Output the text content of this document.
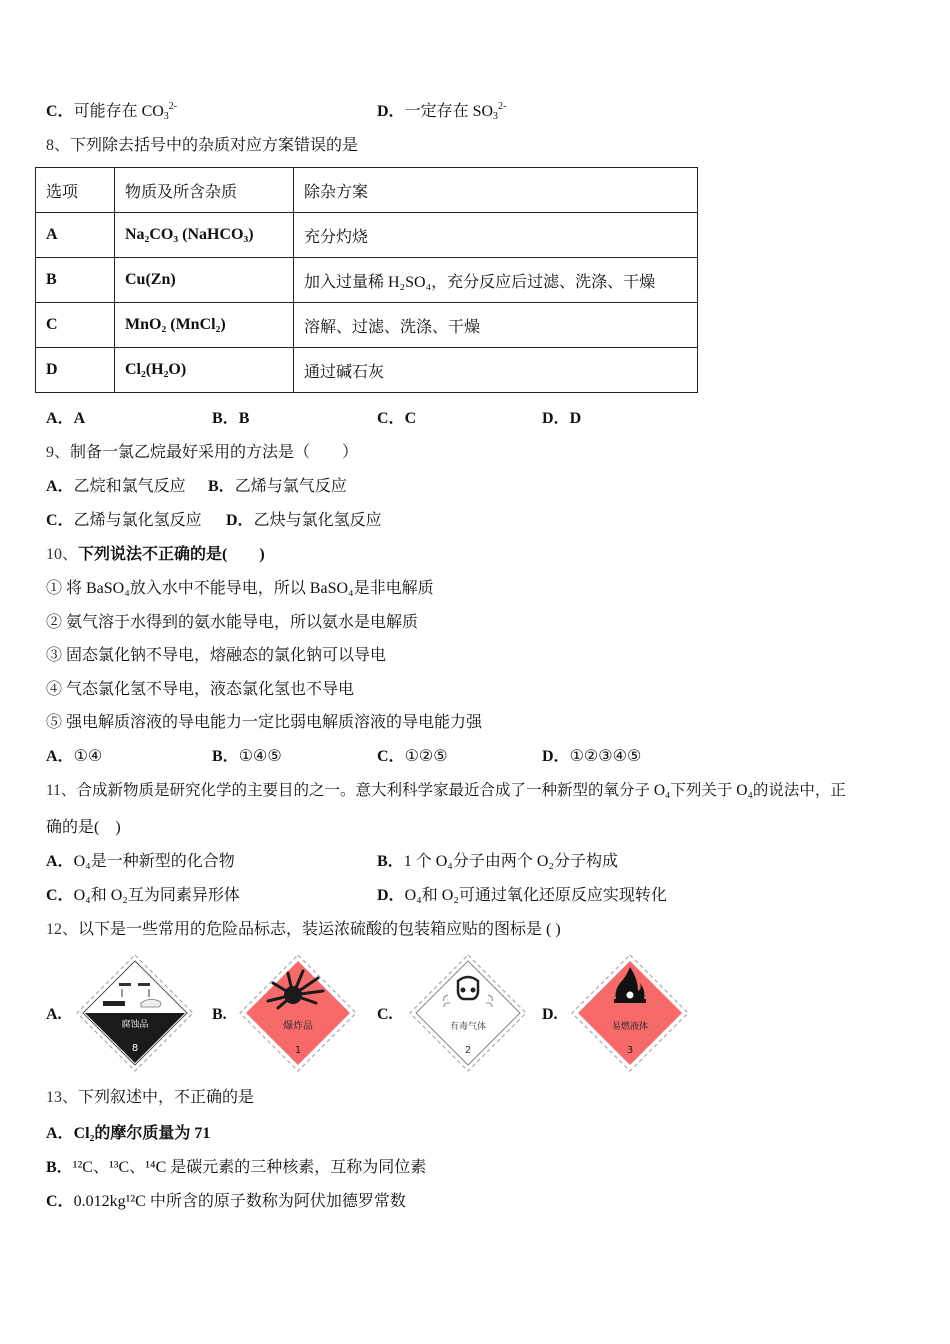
C．可能存在 $CO_3^{2-}$	D．一定存在 $SO_3^{2-}$
8、下列除去括号中的杂质对应方案错误的是
选项	物质及所含杂质	除杂方案
A	Na₂CO₃ (NaHCO₃)	充分灼烧
B	Cu(Zn)	加入过量稀 H₂SO₄，充分反应后过滤、洗涤、干燥
C	MnO₂ (MnCl₂)	溶解、过滤、洗涤、干燥
D	Cl₂(H₂O)	通过碱石灰
A．A	B．B	C．C	D．D
9、制备一氯乙烷最好采用的方法是（　　）
A．乙烷和氯气反应 B．乙烯与氯气反应
C．乙烯与氯化氢反应 D．乙炔与氯化氢反应
10、下列说法不正确的是(　　)
① 将 BaSO₄放入水中不能导电，所以 BaSO₄是非电解质
② 氨气溶于水得到的氨水能导电，所以氨水是电解质
③ 固态氯化钠不导电，熔融态的氯化钠可以导电
④ 气态氯化氢不导电，液态氯化氢也不导电
⑤ 强电解质溶液的导电能力一定比弱电解质溶液的导电能力强
A．①④	B．①④⑤	C．①②⑤	D．①②③④⑤
11、合成新物质是研究化学的主要目的之一。意大利科学家最近合成了一种新型的氧分子 O₄下列关于 O₄的说法中，正
确的是(　)
A．O₄是一种新型的化合物	B．1 个 O₄分子由两个 O₂分子构成
C．O₄和 O₂互为同素异形体	D．O₄和 O₂可通过氧化还原反应实现转化
12、以下是一些常用的危险品标志，装运浓硫酸的包装箱应贴的图标是 ( )
A.
腐蚀品
8
B.
爆炸品
1
C.
有毒气体
2
D.
易燃液体
3
13、下列叙述中，不正确的是
A．Cl₂的摩尔质量为 71
B．¹²C、¹³C、¹⁴C 是碳元素的三种核素，互称为同位素
C．0.012kg¹²C 中所含的原子数称为阿伏加德罗常数
